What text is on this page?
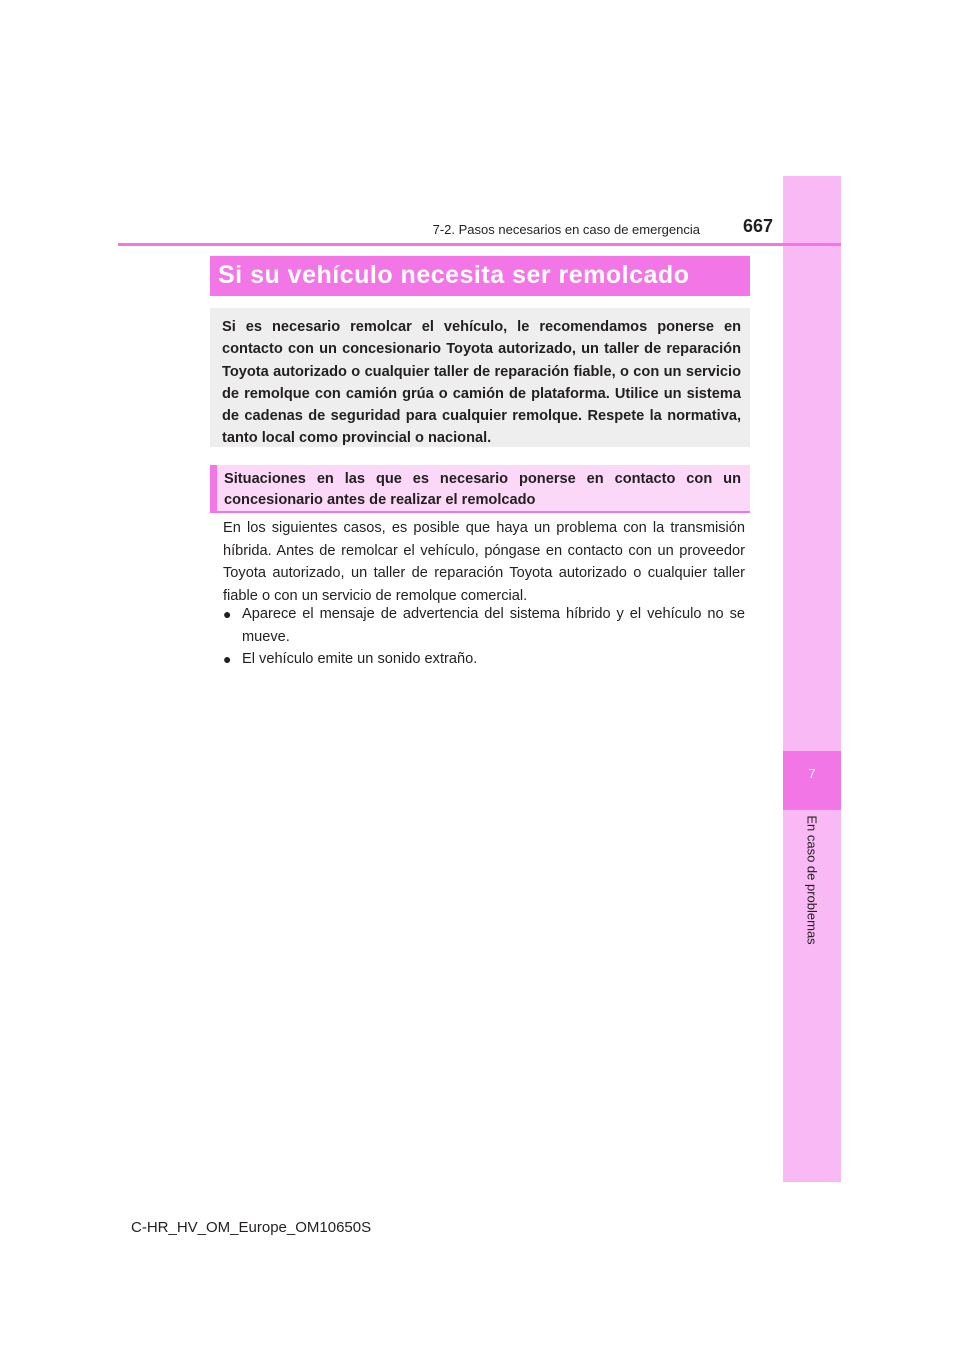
7
En caso de problemas
7-2. Pasos necesarios en caso de emergencia	667
Si su vehículo necesita ser remolcado
Si es necesario remolcar el vehículo, le recomendamos ponerse en contacto con un concesionario Toyota autorizado, un taller de reparación Toyota autorizado o cualquier taller de reparación fiable, o con un servicio de remolque con camión grúa o camión de plataforma. Utilice un sistema de cadenas de seguridad para cualquier remolque. Respete la normativa, tanto local como provincial o nacional.
Situaciones en las que es necesario ponerse en contacto con un concesionario antes de realizar el remolcado
En los siguientes casos, es posible que haya un problema con la transmisión híbrida. Antes de remolcar el vehículo, póngase en contacto con un proveedor Toyota autorizado, un taller de reparación Toyota autorizado o cualquier taller fiable o con un servicio de remolque comercial.
● Aparece el mensaje de advertencia del sistema híbrido y el vehículo no se mueve.
● El vehículo emite un sonido extraño.
C-HR_HV_OM_Europe_OM10650S
